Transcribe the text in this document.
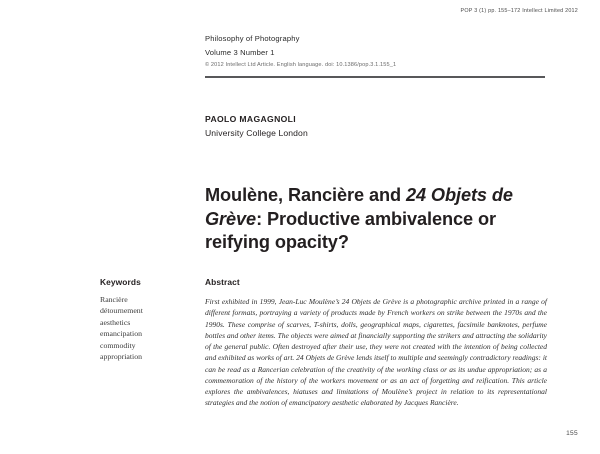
POP 3 (1) pp. 155–172 Intellect Limited 2012
Philosophy of Photography
Volume 3 Number 1
© 2012 Intellect Ltd Article. English language. doi: 10.1386/pop.3.1.155_1
PAOLO MAGAGNOLI
University College London
Moulène, Rancière and 24 Objets de Grève: Productive ambivalence or reifying opacity?
Keywords
Rancière
détournement
aesthetics
emancipation
commodity
appropriation
Abstract

First exhibited in 1999, Jean-Luc Moulène’s 24 Objets de Grève is a photographic archive printed in a range of different formats, portraying a variety of products made by French workers on strike between the 1970s and the 1990s. These comprise of scarves, T-shirts, dolls, geographical maps, cigarettes, facsimile banknotes, perfume bottles and other items. The objects were aimed at financially supporting the strikers and attracting the solidarity of the general public. Often destroyed after their use, they were not created with the intention of being collected and exhibited as works of art. 24 Objets de Grève lends itself to multiple and seemingly contradictory readings: it can be read as a Rancerian celebration of the creativity of the working class or as its undue appropriation; as a commemoration of the history of the workers movement or as an act of forgetting and reification. This article explores the ambivalences, hiatuses and limitations of Moulène’s project in relation to its representational strategies and the notion of emancipatory aesthetic elaborated by Jacques Rancière.

155
